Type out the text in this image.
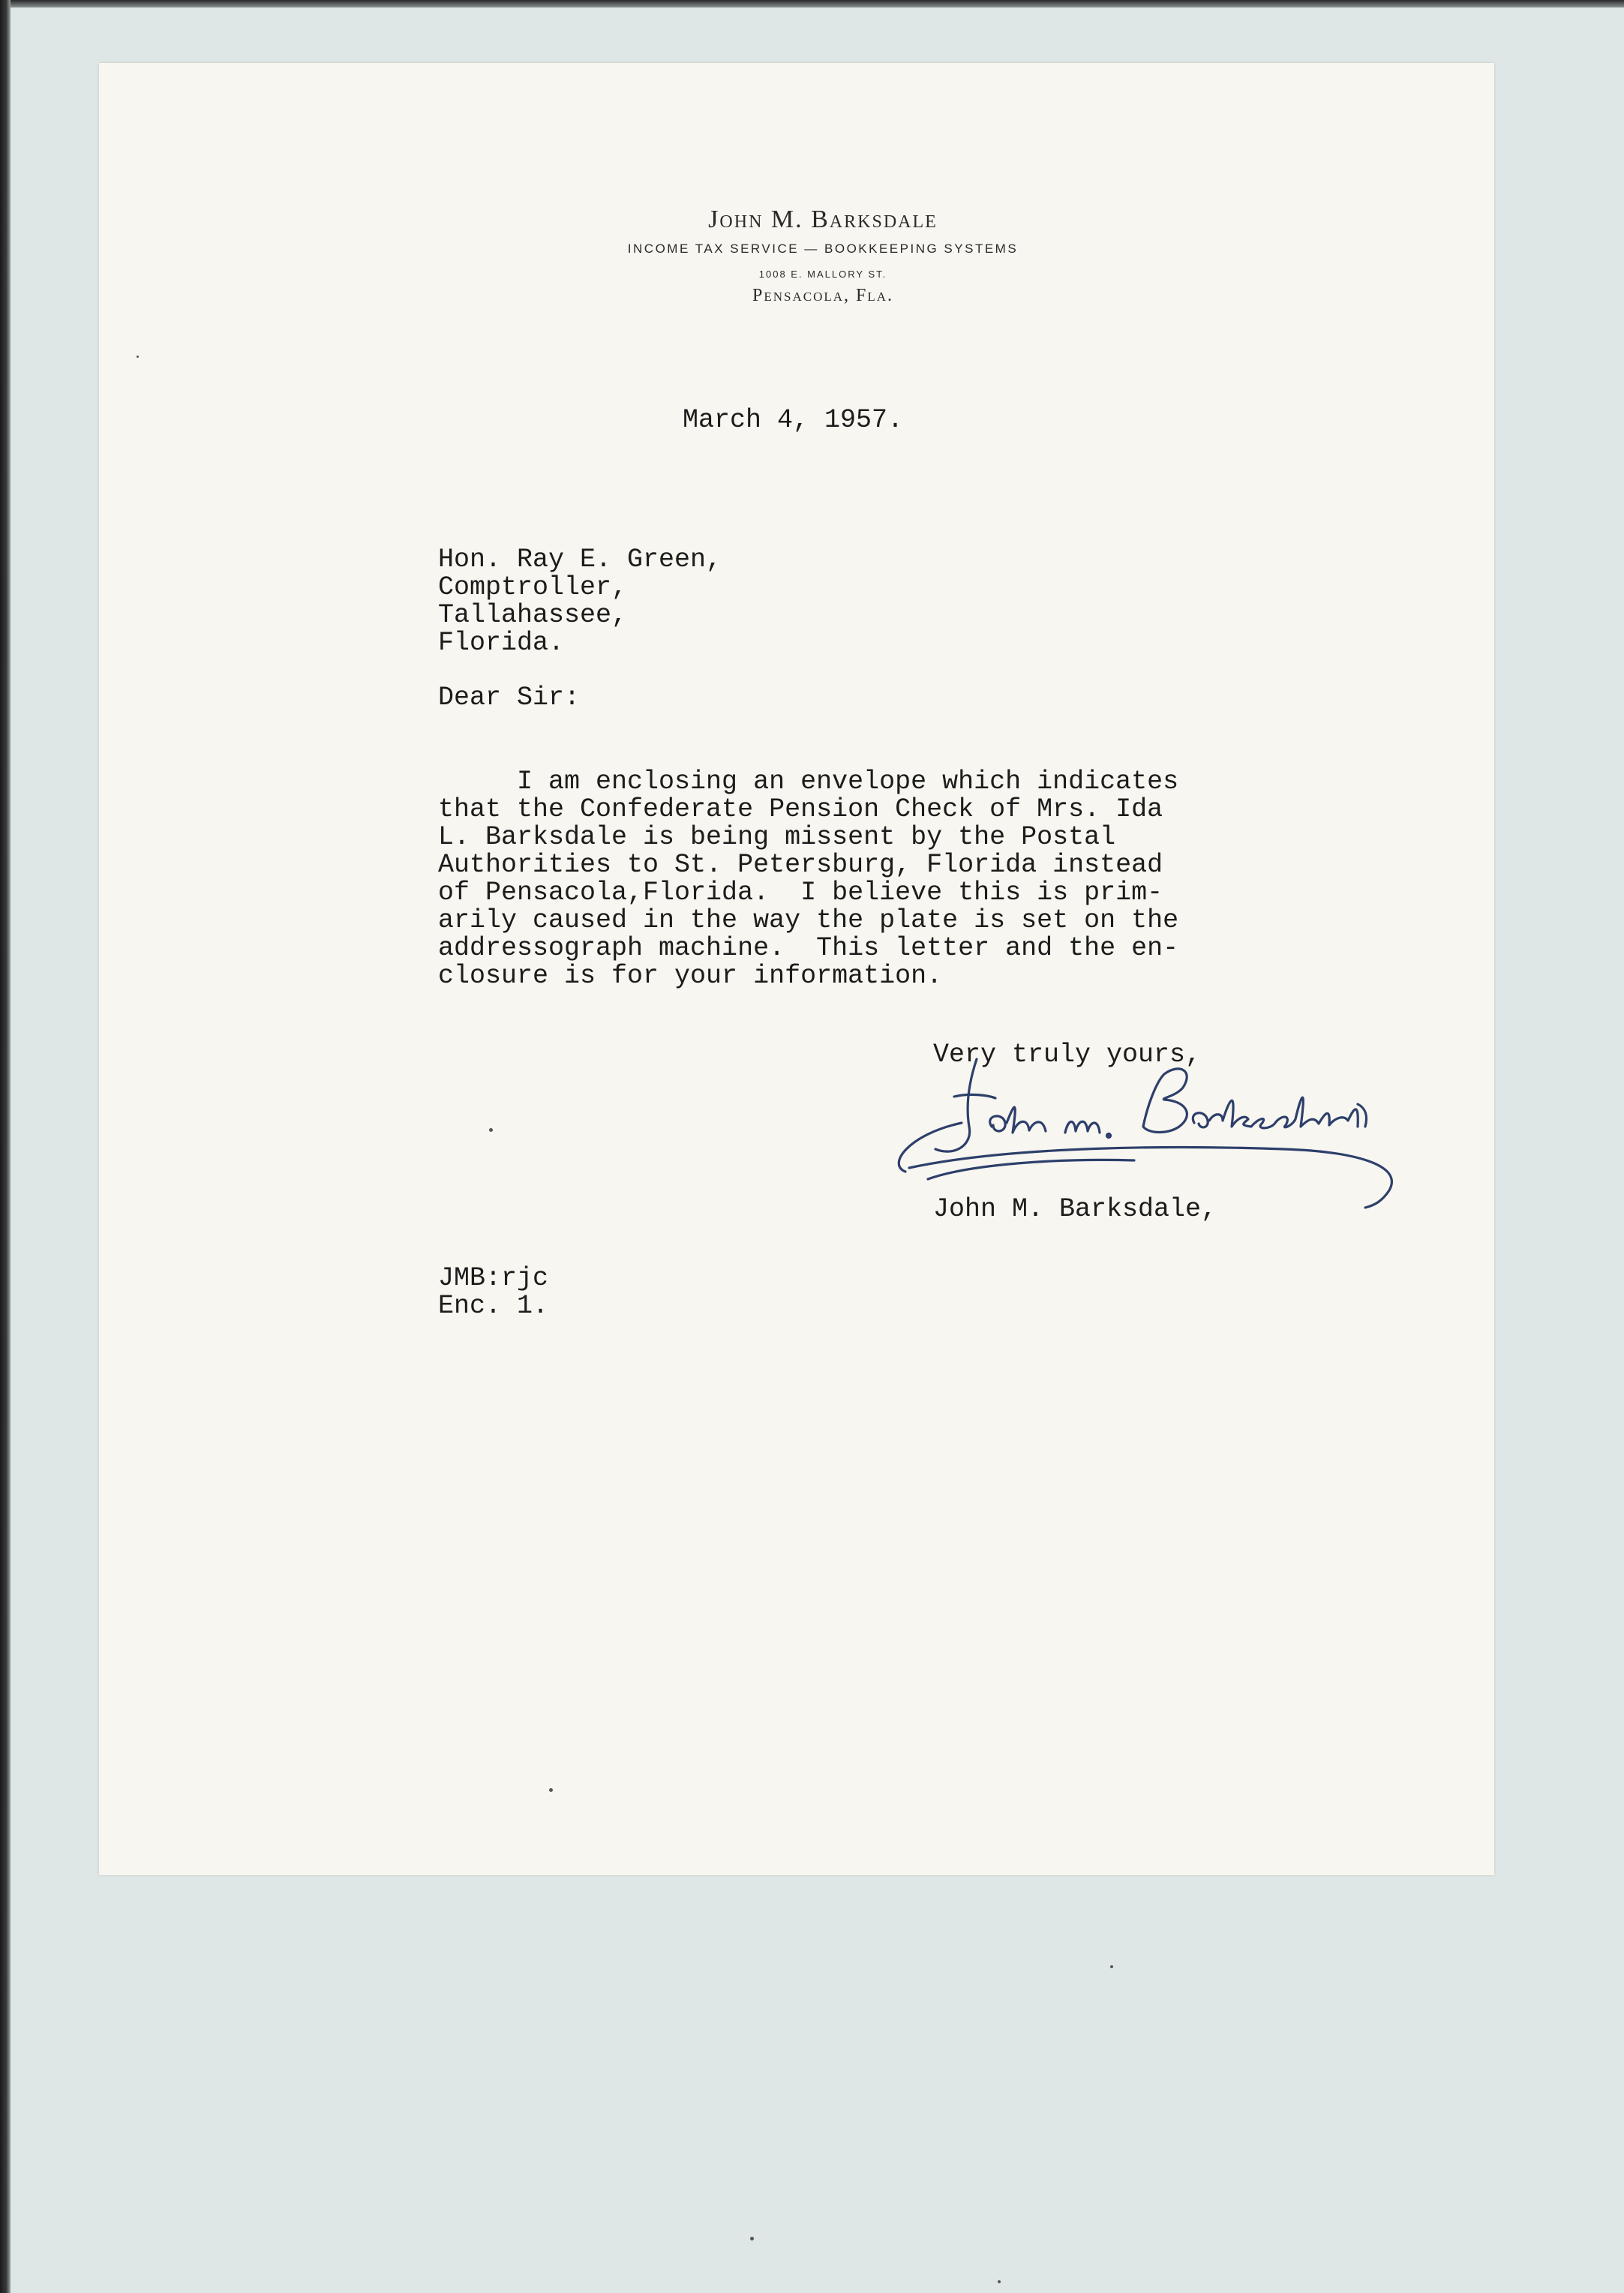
John M. Barksdale
INCOME TAX SERVICE — BOOKKEEPING SYSTEMS
1008 E. MALLORY ST.
Pensacola, Fla.
March 4, 1957.
Hon. Ray E. Green,
Comptroller,
Tallahassee,
Florida.
Dear Sir:
I am enclosing an envelope which indicates
that the Confederate Pension Check of Mrs. Ida
L. Barksdale is being missent by the Postal
Authorities to St. Petersburg, Florida instead
of Pensacola,Florida.  I believe this is prim-
arily caused in the way the plate is set on the
addressograph machine.  This letter and the en-
closure is for your information.
Very truly yours,
John M. Barksdale,
JMB:rjc
Enc. 1.
